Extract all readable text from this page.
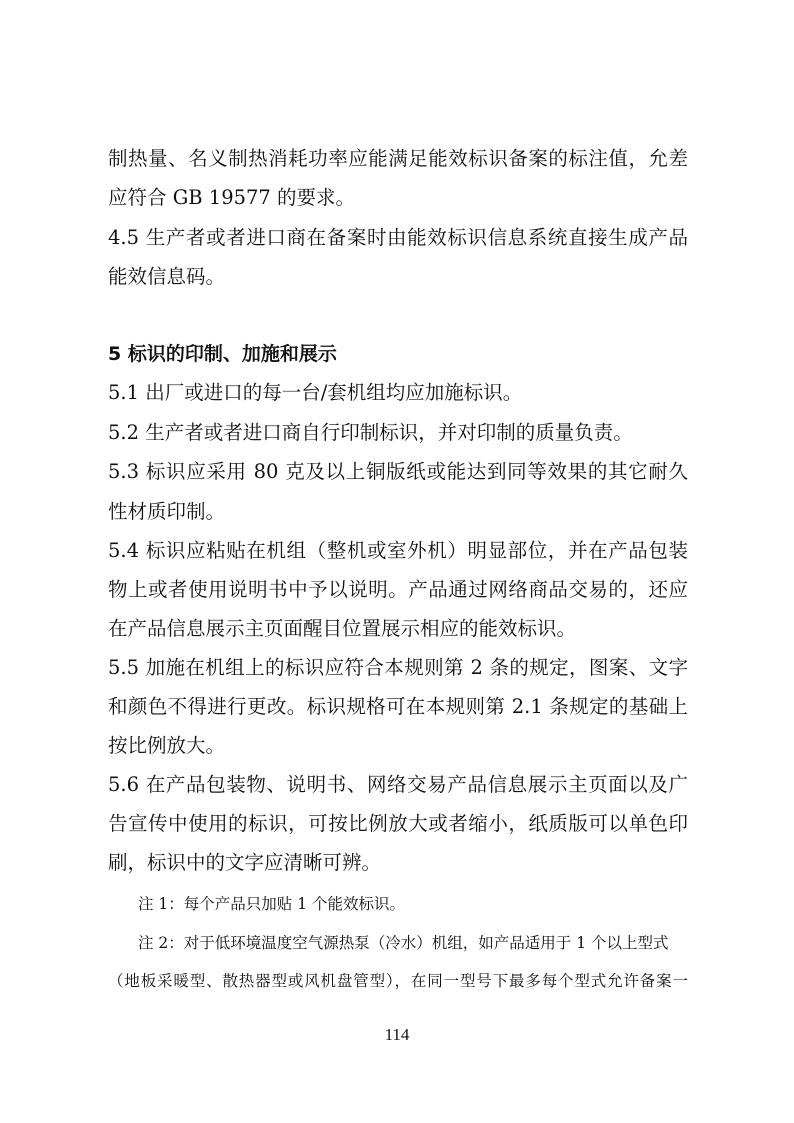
制热量、名义制热消耗功率应能满足能效标识备案的标注值，允差
应符合 GB 19577 的要求。
4.5 生产者或者进口商在备案时由能效标识信息系统直接生成产品
能效信息码。
5 标识的印制、加施和展示
5.1 出厂或进口的每一台/套机组均应加施标识。
5.2 生产者或者进口商自行印制标识，并对印制的质量负责。
5.3 标识应采用 80 克及以上铜版纸或能达到同等效果的其它耐久
性材质印制。
5.4 标识应粘贴在机组（整机或室外机）明显部位，并在产品包装
物上或者使用说明书中予以说明。产品通过网络商品交易的，还应
在产品信息展示主页面醒目位置展示相应的能效标识。
5.5 加施在机组上的标识应符合本规则第 2 条的规定，图案、文字
和颜色不得进行更改。标识规格可在本规则第 2.1 条规定的基础上
按比例放大。
5.6 在产品包装物、说明书、网络交易产品信息展示主页面以及广
告宣传中使用的标识，可按比例放大或者缩小，纸质版可以单色印
刷，标识中的文字应清晰可辨。
注 1：每个产品只加贴 1 个能效标识。
注 2：对于低环境温度空气源热泵（冷水）机组，如产品适用于 1 个以上型式
（地板采暖型、散热器型或风机盘管型），在同一型号下最多每个型式允许备案一
114
